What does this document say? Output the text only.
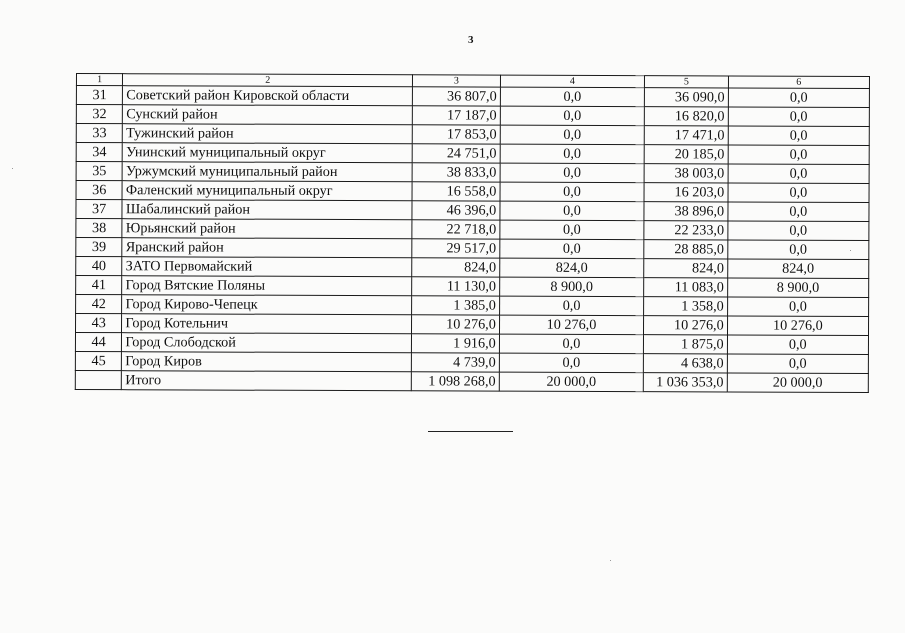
3
1	2	3	4	5	6
31	Советский район Кировской области	36 807,0	0,0	36 090,0	0,0
32	Сунский район	17 187,0	0,0	16 820,0	0,0
33	Тужинский район	17 853,0	0,0	17 471,0	0,0
34	Унинский муниципальный округ	24 751,0	0,0	20 185,0	0,0
35	Уржумский муниципальный район	38 833,0	0,0	38 003,0	0,0
36	Фаленский муниципальный округ	16 558,0	0,0	16 203,0	0,0
37	Шабалинский район	46 396,0	0,0	38 896,0	0,0
38	Юрьянский район	22 718,0	0,0	22 233,0	0,0
39	Яранский район	29 517,0	0,0	28 885,0	0,0
40	ЗАТО Первомайский	824,0	824,0	824,0	824,0
41	Город Вятские Поляны	11 130,0	8 900,0	11 083,0	8 900,0
42	Город Кирово-Чепецк	1 385,0	0,0	1 358,0	0,0
43	Город Котельнич	10 276,0	10 276,0	10 276,0	10 276,0
44	Город Слободской	1 916,0	0,0	1 875,0	0,0
45	Город Киров	4 739,0	0,0	4 638,0	0,0
	Итого	1 098 268,0	20 000,0	1 036 353,0	20 000,0
